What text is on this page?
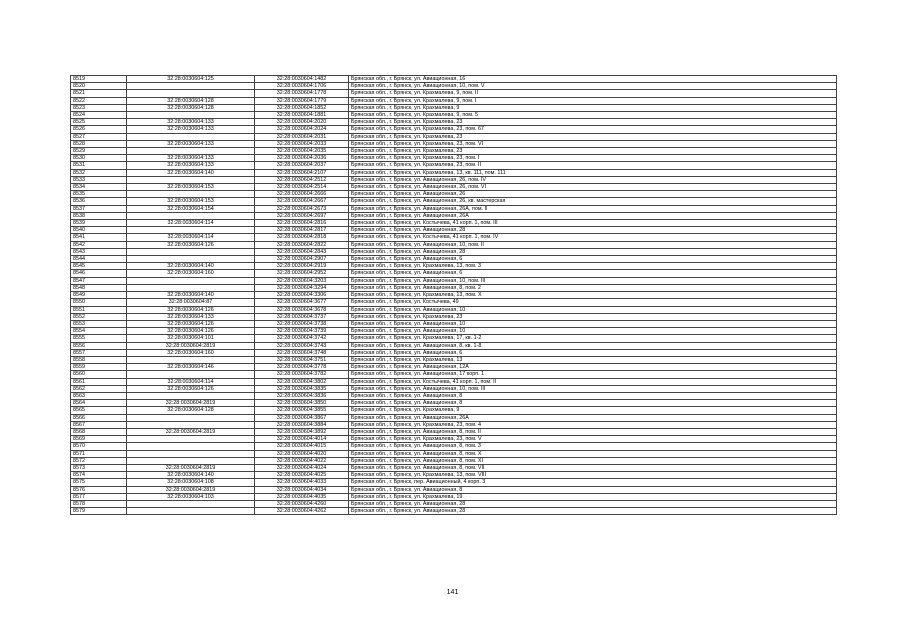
8519	32:28:0030604:125	32:28:0030604:1482	Брянская обл., г. Брянск, ул. Авиационная, 16
8520		32:28:0030604:1706	Брянская обл., г. Брянск, ул. Авиационная, 10, пом. V
8521		32:28:0030604:1778	Брянская обл., г. Брянск, ул. Крахмалева, 9, пом. II
8522	32:28:0030604:128	32:28:0030604:1779	Брянская обл., г. Брянск, ул. Крахмалева, 9, пом. I
8523	32:28:0030604:128	32:28:0030604:1852	Брянская обл., г. Брянск, ул. Крахмалева, 9
8524		32:28:0030604:1881	Брянская обл., г. Брянск, ул. Крахмалева, 9, пом. 5
8525	32:28:0030604:133	32:28:0030604:2020	Брянская обл., г. Брянск, ул. Крахмалева, 23
8526	32:28:0030604:133	32:28:0030604:2024	Брянская обл., г. Брянск, ул. Крахмалева, 23, пом. 67
8527		32:28:0030604:2031	Брянская обл., г. Брянск, ул. Крахмалева, 23
8528	32:28:0030604:133	32:28:0030604:2033	Брянская обл., г. Брянск, ул. Крахмалева, 23, пом. VI
8529		32:28:0030604:2035	Брянская обл., г. Брянск, ул. Крахмалева, 23
8530	32:28:0030604:133	32:28:0030604:2036	Брянская обл., г. Брянск, ул. Крахмалева, 23, пом. I
8531	32:28:0030604:133	32:28:0030604:2037	Брянская обл., г. Брянск, ул. Крахмалева, 23, пом. II
8532	32:28:0030604:140	32:28:0030604:2107	Брянская обл., г. Брянск, ул. Крахмалева, 13, кв. 111, пом. 111
8533		32:28:0030604:2512	Брянская обл., г. Брянск, ул. Авиационная, 26, пом. IV
8534	32:28:0030604:153	32:28:0030604:2514	Брянская обл., г. Брянск, ул. Авиационная, 26, пом. VI
8535		32:28:0030604:2666	Брянская обл., г. Брянск, ул. Авиационная, 26
8536	32:28:0030604:153	32:28:0030604:2667	Брянская обл., г. Брянск, ул. Авиационная, 26, кв. мастерская
8537	32:28:0030604:154	32:28:0030604:2673	Брянская обл., г. Брянск, ул. Авиационная, 26А, пом. II
8538		32:28:0030604:2697	Брянская обл., г. Брянск, ул. Авиационная, 26А
8539	32:28:0030604:114	32:28:0030604:2816	Брянская обл., г. Брянск, ул. Костычева, 41 корп. 1, пом. III
8540		32:28:0030604:2817	Брянская обл., г. Брянск, ул. Авиационная, 28
8541	32:28:0030604:114	32:28:0030604:2818	Брянская обл., г. Брянск, ул. Костычева, 41 корп. 1, пом. IV
8542	32:28:0030604:126	32:28:0030604:2822	Брянская обл., г. Брянск, ул. Авиационная, 10, пом. II
8543		32:28:0030604:2843	Брянская обл., г. Брянск, ул. Авиационная, 28
8544		32:28:0030604:2907	Брянская обл., г. Брянск, ул. Авиационная, 6
8545	32:28:0030604:140	32:28:0030604:2919	Брянская обл., г. Брянск, ул. Крахмалева, 13, пом. 3
8546	32:28:0030604:160	32:28:0030604:2952	Брянская обл., г. Брянск, ул. Авиационная, 6
8547		32:28:0030604:3203	Брянская обл., г. Брянск, ул. Авиационная, 10, пом. III
8548		32:28:0030604:3294	Брянская обл., г. Брянск, ул. Авиационная, 8, пом. 2
8549	32:28:0030604:140	32:28:0030604:3306	Брянская обл., г. Брянск, ул. Крахмалева, 13, пом. X
8550	32:28:0030604:87	32:28:0030604:3677	Брянская обл., г. Брянск, ул. Костычева, 49
8551	32:28:0030604:126	32:28:0030604:3678	Брянская обл., г. Брянск, ул. Авиационная, 10
8552	32:28:0030604:133	32:28:0030604:3737	Брянская обл., г. Брянск, ул. Крахмалева, 23
8553	32:28:0030604:126	32:28:0030604:3738	Брянская обл., г. Брянск, ул. Авиационная, 10
8554	32:28:0030604:126	32:28:0030604:3739	Брянская обл., г. Брянск, ул. Авиационная, 10
8555	32:28:0030604:101	32:28:0030604:3742	Брянская обл., г. Брянск, ул. Крахмалева, 17, кв. 1-2
8556	32:28:0030604:2819	32:28:0030604:3743	Брянская обл., г. Брянск, ул. Авиационная, 8, кв. 1-8
8557	32:28:0030604:160	32:28:0030604:3748	Брянская обл., г. Брянск, ул. Авиационная, 6
8558		32:28:0030604:3751	Брянская обл., г. Брянск, ул. Крахмалева, 13
8559	32:28:0030604:146	32:28:0030604:3778	Брянская обл., г. Брянск, ул. Авиационная, 12А
8560		32:28:0030604:3782	Брянская обл., г. Брянск, ул. Авиационная, 17 корп. 1
8561	32:28:0030604:114	32:28:0030604:3802	Брянская обл., г. Брянск, ул. Костычева, 41 корп. 1, пом. II
8562	32:28:0030604:126	32:28:0030604:3835	Брянская обл., г. Брянск, ул. Авиационная, 10, пом. III
8563		32:28:0030604:3836	Брянская обл., г. Брянск, ул. Авиационная, 8
8564	32:28:0030604:2819	32:28:0030604:3850	Брянская обл., г. Брянск, ул. Авиационная, 8
8565	32:28:0030604:128	32:28:0030604:3855	Брянская обл., г. Брянск, ул. Крахмалева, 9
8566		32:28:0030604:3867	Брянская обл., г. Брянск, ул. Авиационная, 26А
8567		32:28:0030604:3884	Брянская обл., г. Брянск, ул. Крахмалева, 23, пом. 4
8568	32:28:0030604:2819	32:28:0030604:3892	Брянская обл., г. Брянск, ул. Авиационная, 8, пом. II
8569		32:28:0030604:4014	Брянская обл., г. Брянск, ул. Крахмалева, 23, пом. V
8570		32:28:0030604:4015	Брянская обл., г. Брянск, ул. Авиационная, 8, пом. 3
8571		32:28:0030604:4020	Брянская обл., г. Брянск, ул. Авиационная, 8, пом. X
8572		32:28:0030604:4022	Брянская обл., г. Брянск, ул. Авиационная, 8, пом. XI
8573	32:28:0030604:2819	32:28:0030604:4024	Брянская обл., г. Брянск, ул. Авиационная, 8, пом. VII
8574	32:28:0030604:140	32:28:0030604:4025	Брянская обл., г. Брянск, ул. Крахмалева, 13, пом. VIII
8575	32:28:0030604:108	32:28:0030604:4033	Брянская обл., г. Брянск, пер. Авиационный, 4 корп. 3
8576	32:28:0030604:2819	32:28:0030604:4034	Брянская обл., г. Брянск, ул. Авиационная, 8
8577	32:28:0030604:103	32:28:0030604:4035	Брянская обл., г. Брянск, ул. Крахмалева, 19
8578		32:28:0030604:4260	Брянская обл., г. Брянск, ул. Авиационная, 28
8579		32:28:0030604:4262	Брянская обл., г. Брянск, ул. Авиационная, 28
141
